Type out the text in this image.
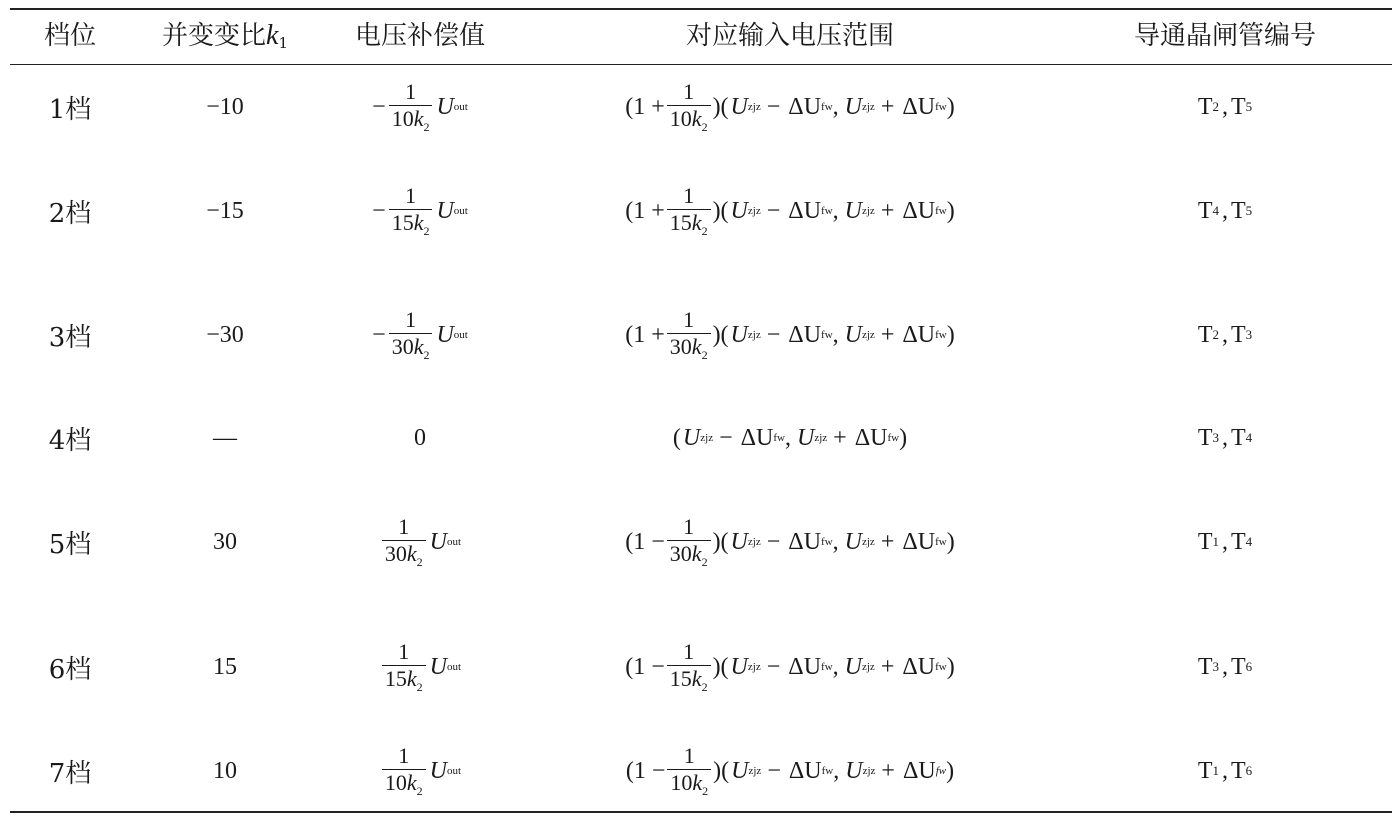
档位	并变变比k1	电压补偿值	对应输入电压范围	导通晶闸管编号
1档	−10	− $\frac{1}{10k_2}$ U out	($1 + \frac{1}{10k_2}$ )( U zjz − ΔU fw , U zjz + ΔU fw )	T 2 , T 5
2档	−15	− $\frac{1}{15k_2}$ U out	($1 + \frac{1}{15k_2}$ )( U zjz − ΔU fw , U zjz + ΔU fw )	T 4 , T 5
3档	−30	− $\frac{1}{30k_2}$ U out	($1 + \frac{1}{30k_2}$ )( U zjz − ΔU fw , U zjz + ΔU fw )	T 2 , T 3
4档	—	0	( U zjz − ΔU fw , U zjz + ΔU fw )	T 3 , T 4
5档	30	$\frac{1}{30k_2}$ U out	($1 - \frac{1}{30k_2}$ )( U zjz − ΔU fw , U zjz + ΔU fw )	T 1 , T 4
6档	15	$\frac{1}{15k_2}$ U out	($1 - \frac{1}{15k_2}$ )( U zjz − ΔU fw , U zjz + ΔU fw )	T 3 , T 6
7档	10	$\frac{1}{10k_2}$ U out	($1 - \frac{1}{10k_2}$ )( U zjz − ΔU fw , U zjz + ΔU fw )	T 1 , T 6
